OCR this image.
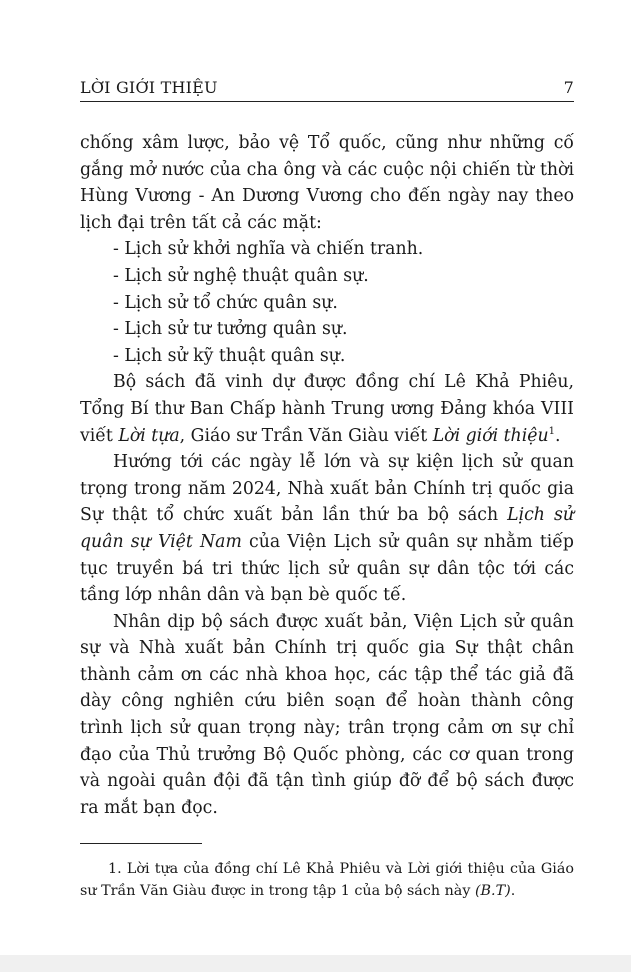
LỜI GIỚI THIỆU	7

chống xâm lược, bảo vệ Tổ quốc, cũng như những cố gắng mở nước của cha ông và các cuộc nội chiến từ thời Hùng Vương - An Dương Vương cho đến ngày nay theo lịch đại trên tất cả các mặt:

- Lịch sử khởi nghĩa và chiến tranh.

- Lịch sử nghệ thuật quân sự.

- Lịch sử tổ chức quân sự.

- Lịch sử tư tưởng quân sự.

- Lịch sử kỹ thuật quân sự.

Bộ sách đã vinh dự được đồng chí Lê Khả Phiêu, Tổng Bí thư Ban Chấp hành Trung ương Đảng khóa VIII viết Lời tựa, Giáo sư Trần Văn Giàu viết Lời giới thiệu$^1$.

Hướng tới các ngày lễ lớn và sự kiện lịch sử quan trọng trong năm 2024, Nhà xuất bản Chính trị quốc gia Sự thật tổ chức xuất bản lần thứ ba bộ sách Lịch sử quân sự Việt Nam của Viện Lịch sử quân sự nhằm tiếp tục truyền bá tri thức lịch sử quân sự dân tộc tới các tầng lớp nhân dân và bạn bè quốc tế.

Nhân dịp bộ sách được xuất bản, Viện Lịch sử quân sự và Nhà xuất bản Chính trị quốc gia Sự thật chân thành cảm ơn các nhà khoa học, các tập thể tác giả đã dày công nghiên cứu biên soạn để hoàn thành công trình lịch sử quan trọng này; trân trọng cảm ơn sự chỉ đạo của Thủ trưởng Bộ Quốc phòng, các cơ quan trong và ngoài quân đội đã tận tình giúp đỡ để bộ sách được ra mắt bạn đọc.

1. Lời tựa của đồng chí Lê Khả Phiêu và Lời giới thiệu của Giáo sư Trần Văn Giàu được in trong tập 1 của bộ sách này (B.T).
